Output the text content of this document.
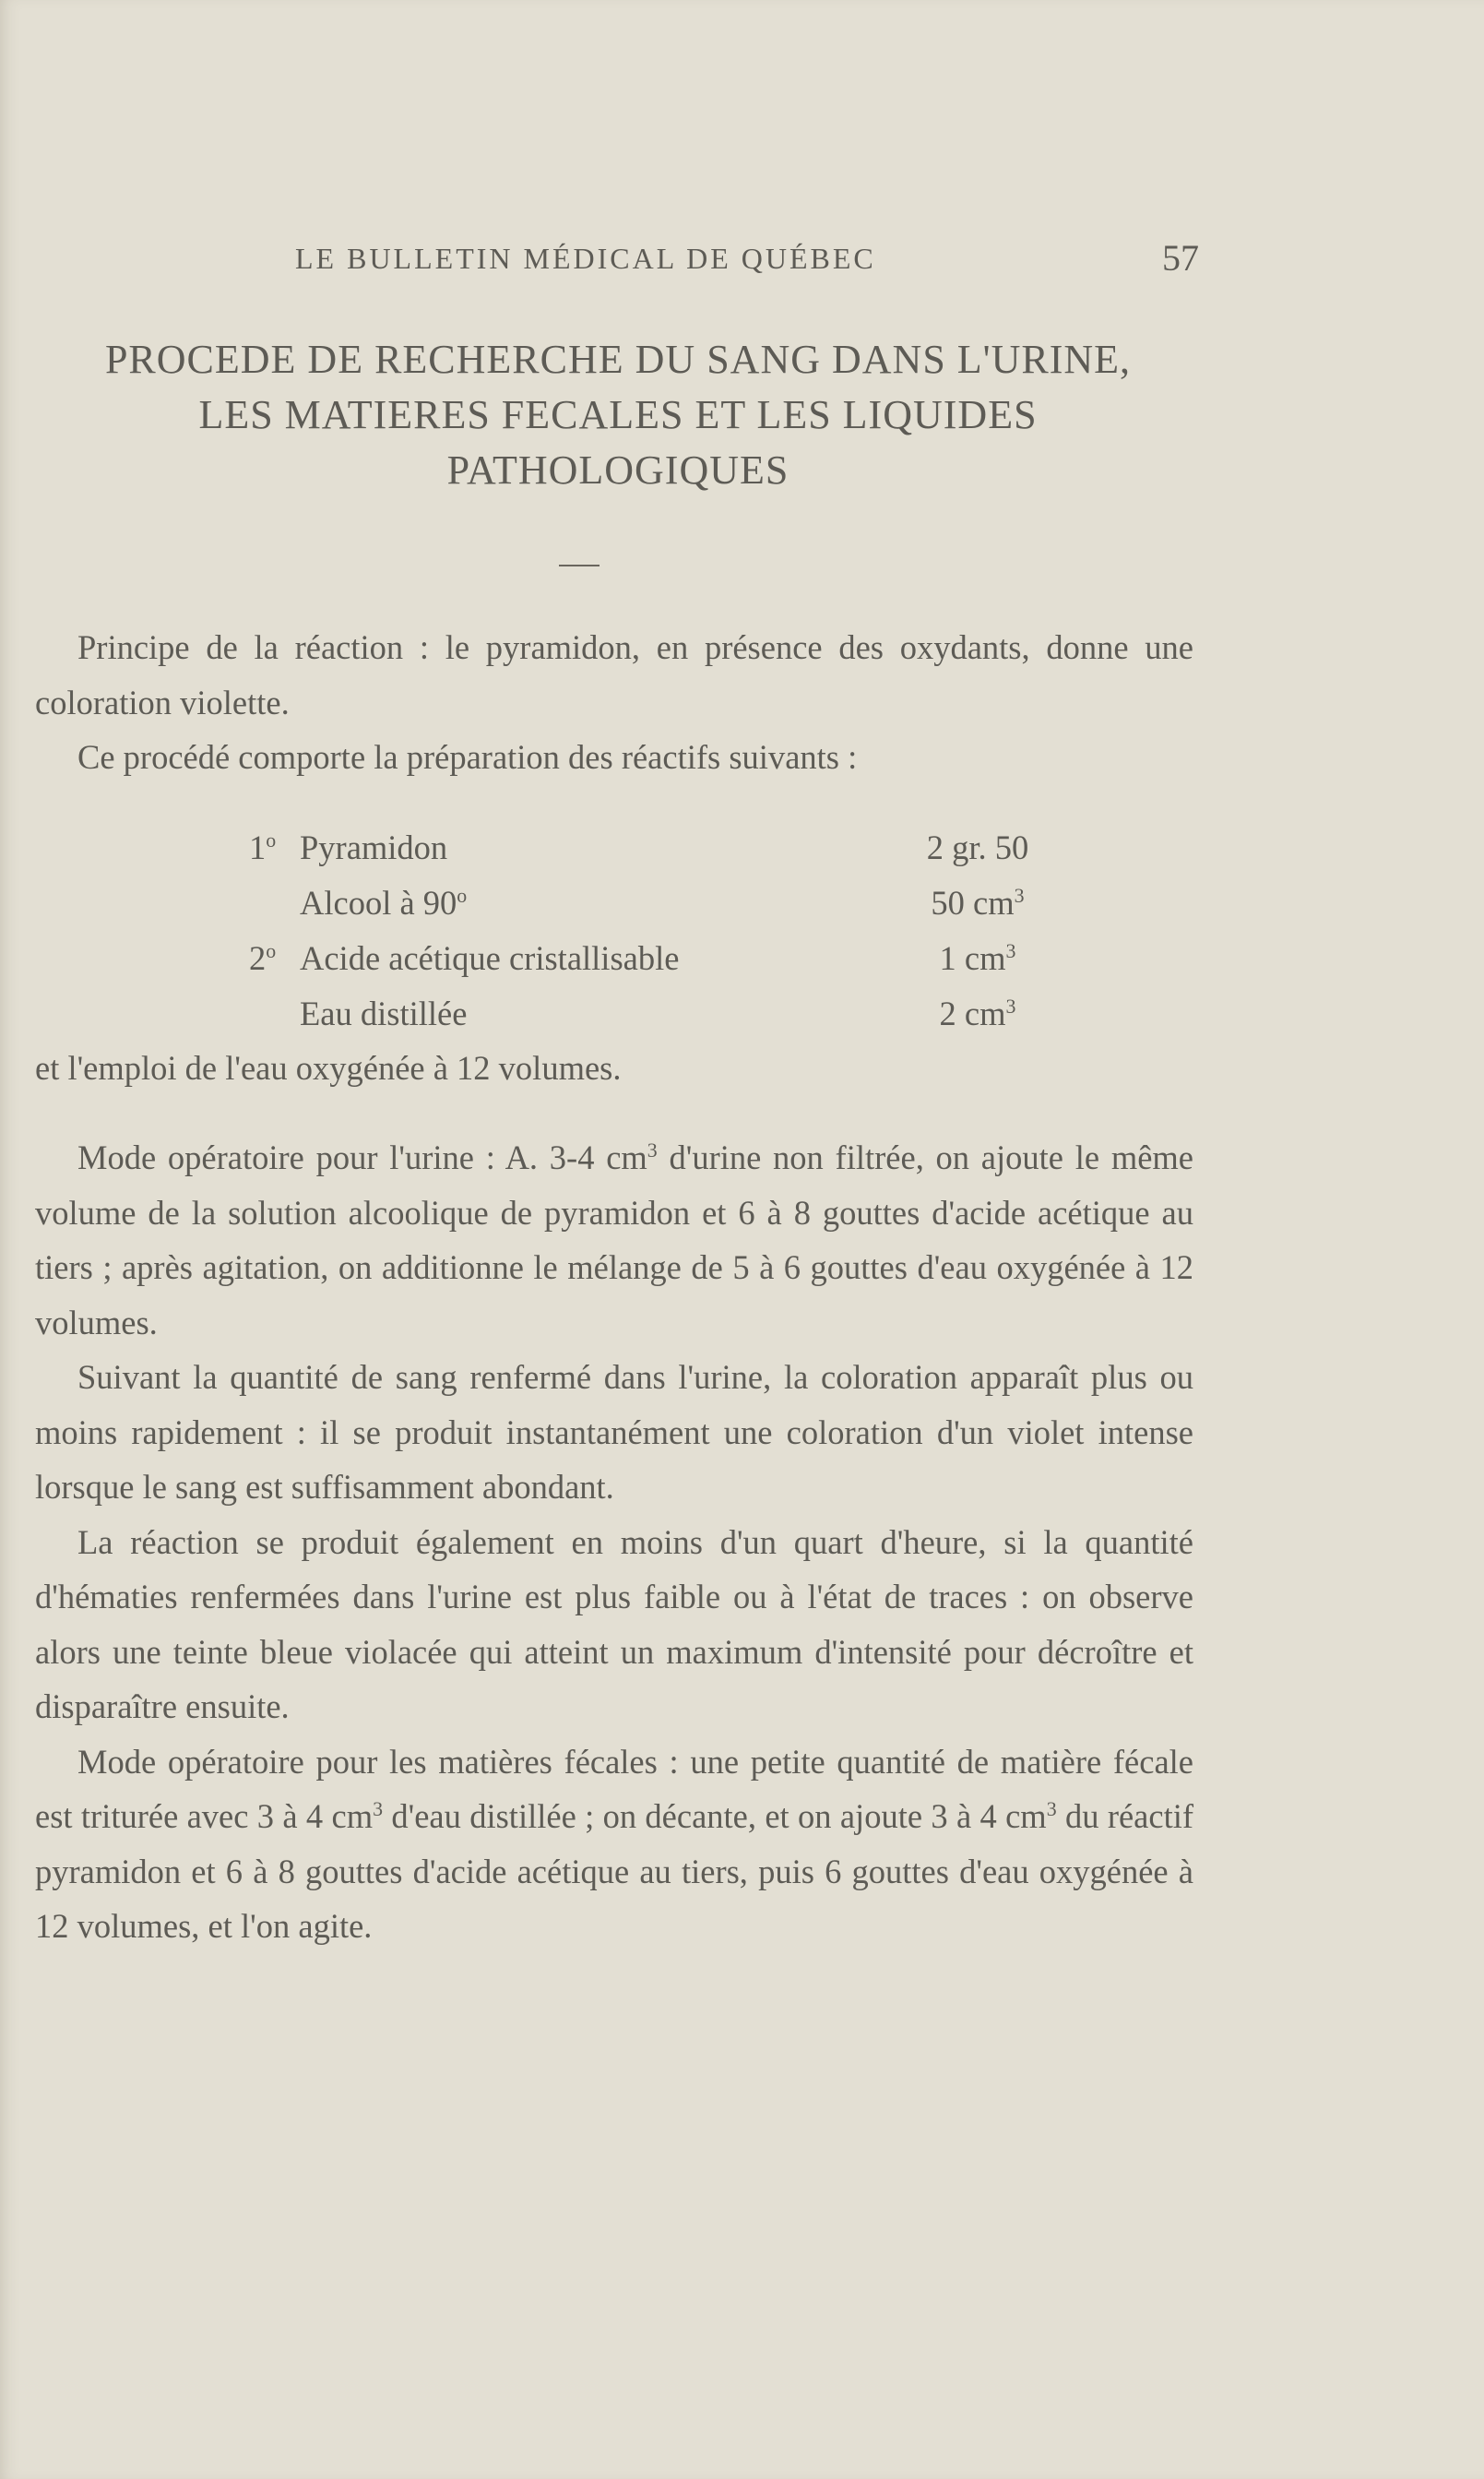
LE BULLETIN MÉDICAL DE QUÉBEC	57
PROCEDE DE RECHERCHE DU SANG DANS L'URINE,
LES MATIERES FECALES ET LES LIQUIDES
PATHOLOGIQUES

Principe de la réaction : le pyramidon, en présence des oxydants, donne une coloration violette.

Ce procédé comporte la préparation des réactifs suivants :

1$^o$	Pyramidon	2 gr. 50
	Alcool à 90$^o$	50 $cm^3$
2$^o$	Acide acétique cristallisable	1 $cm^3$
	Eau distillée	2 $cm^3$

et l'emploi de l'eau oxygénée à 12 volumes.

Mode opératoire pour l'urine : A. 3-4 $cm^3$ d'urine non filtrée, on ajoute le même volume de la solution alcoolique de pyramidon et 6 à 8 gouttes d'acide acétique au tiers ; après agitation, on additionne le mélange de 5 à 6 gouttes d'eau oxygénée à 12 volumes.

Suivant la quantité de sang renfermé dans l'urine, la coloration apparaît plus ou moins rapidement : il se produit instantanément une coloration d'un violet intense lorsque le sang est suffisamment abondant.

La réaction se produit également en moins d'un quart d'heure, si la quantité d'hématies renfermées dans l'urine est plus faible ou à l'état de traces : on observe alors une teinte bleue violacée qui atteint un maximum d'intensité pour décroître et disparaître ensuite.

Mode opératoire pour les matières fécales : une petite quantité de matière fécale est triturée avec 3 à 4 $cm^3$ d'eau distillée ; on décante, et on ajoute 3 à 4 $cm^3$ du réactif pyramidon et 6 à 8 gouttes d'acide acétique au tiers, puis 6 gouttes d'eau oxygénée à 12 volumes, et l'on agite.
